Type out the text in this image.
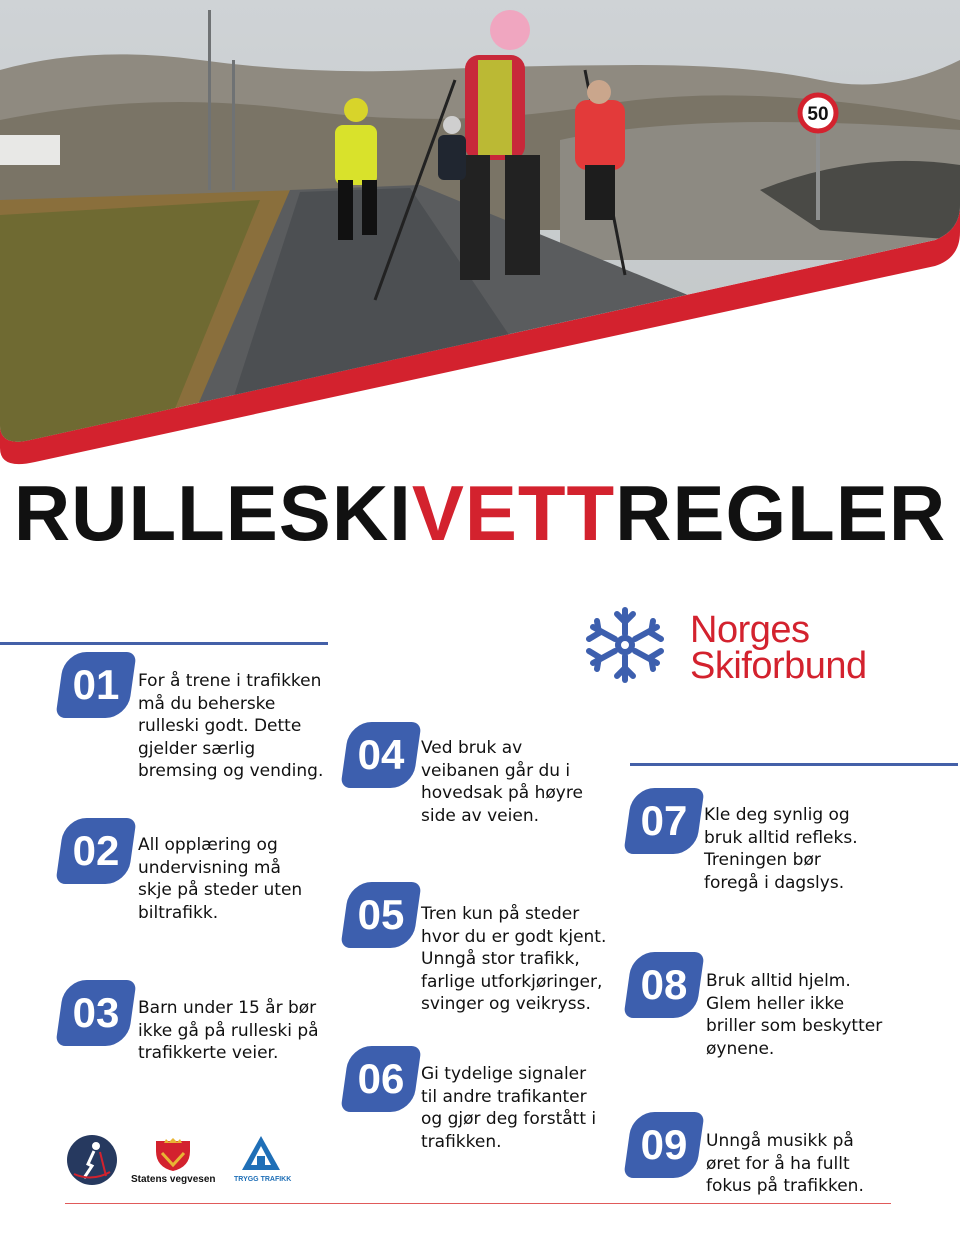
50
RULLESKIVETTREGLER
Norges
Skiforbund
01	For å trene i trafikken
må du beherske
rulleski godt. Dette
gjelder særlig
bremsing og vending.
02	All opplæring og
undervisning må
skje på steder uten
biltrafikk.
03	Barn under 15 år bør
ikke gå på rulleski på
trafikkerte veier.
04 Ved bruk av
veibanen går du i
hovedsak på høyre
side av veien.
05 Tren kun på steder
hvor du er godt kjent.
Unngå stor trafikk,
farlige utforkjøringer,
svinger og veikryss.
06 Gi tydelige signaler
til andre trafikanter
og gjør deg forstått i
trafikken.
07 Kle deg synlig og
bruk alltid refleks.
Treningen bør
foregå i dagslys.
08	Bruk alltid hjelm.
Glem heller ikke
briller som beskytter
øynene.
09	Unngå musikk på
øret for å ha fullt
fokus på trafikken.
Statens vegvesen	TRYGG TRAFIKK
